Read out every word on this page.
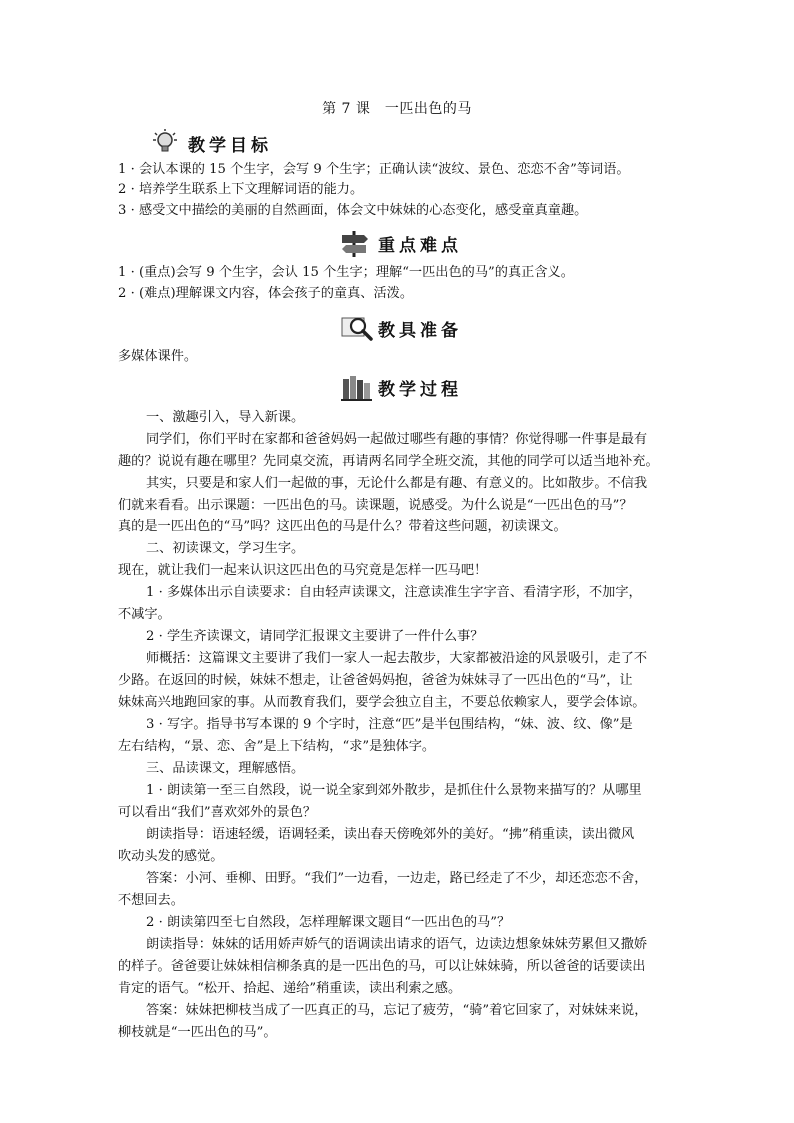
第 7 课　一匹出色的马
教学目标
1 · 会认本课的 15 个生字，会写 9 个生字；正确认读“波纹、景色、恋恋不舍”等词语。
2 · 培养学生联系上下文理解词语的能力。
3 · 感受文中描绘的美丽的自然画面，体会文中妹妹的心态变化，感受童真童趣。
重点难点
1 · (重点)会写 9 个生字，会认 15 个生字；理解“一匹出色的马”的真正含义。
2 · (难点)理解课文内容，体会孩子的童真、活泼。
教具准备
多媒体课件。
教学过程
一、激趣引入，导入新课。
同学们，你们平时在家都和爸爸妈妈一起做过哪些有趣的事情？你觉得哪一件事是最有
趣的？说说有趣在哪里？先同桌交流，再请两名同学全班交流，其他的同学可以适当地补充。
其实，只要是和家人们一起做的事，无论什么都是有趣、有意义的。比如散步。不信我
们就来看看。出示课题：一匹出色的马。读课题，说感受。为什么说是“一匹出色的马”？
真的是一匹出色的“马”吗？这匹出色的马是什么？带着这些问题，初读课文。
二、初读课文，学习生字。
现在，就让我们一起来认识这匹出色的马究竟是怎样一匹马吧！
1 · 多媒体出示自读要求：自由轻声读课文，注意读准生字字音、看清字形，不加字，
不减字。
2 · 学生齐读课文，请同学汇报课文主要讲了一件什么事？
师概括：这篇课文主要讲了我们一家人一起去散步，大家都被沿途的风景吸引，走了不
少路。在返回的时候，妹妹不想走，让爸爸妈妈抱，爸爸为妹妹寻了一匹出色的“马”，让
妹妹高兴地跑回家的事。从而教育我们，要学会独立自主，不要总依赖家人，要学会体谅。
3 · 写字。指导书写本课的 9 个字时，注意“匹”是半包围结构，“妹、波、纹、像”是
左右结构，“景、恋、舍”是上下结构，“求”是独体字。
三、品读课文，理解感悟。
1 · 朗读第一至三自然段，说一说全家到郊外散步，是抓住什么景物来描写的？从哪里
可以看出“我们”喜欢郊外的景色？
朗读指导：语速轻缓，语调轻柔，读出春天傍晚郊外的美好。“拂”稍重读，读出微风
吹动头发的感觉。
答案：小河、垂柳、田野。“我们”一边看，一边走，路已经走了不少，却还恋恋不舍，
不想回去。
2 · 朗读第四至七自然段，怎样理解课文题目“一匹出色的马”？
朗读指导：妹妹的话用娇声娇气的语调读出请求的语气，边读边想象妹妹劳累但又撒娇
的样子。爸爸要让妹妹相信柳条真的是一匹出色的马，可以让妹妹骑，所以爸爸的话要读出
肯定的语气。“松开、拾起、递给”稍重读，读出利索之感。
答案：妹妹把柳枝当成了一匹真正的马，忘记了疲劳，“骑”着它回家了，对妹妹来说，
柳枝就是“一匹出色的马”。
